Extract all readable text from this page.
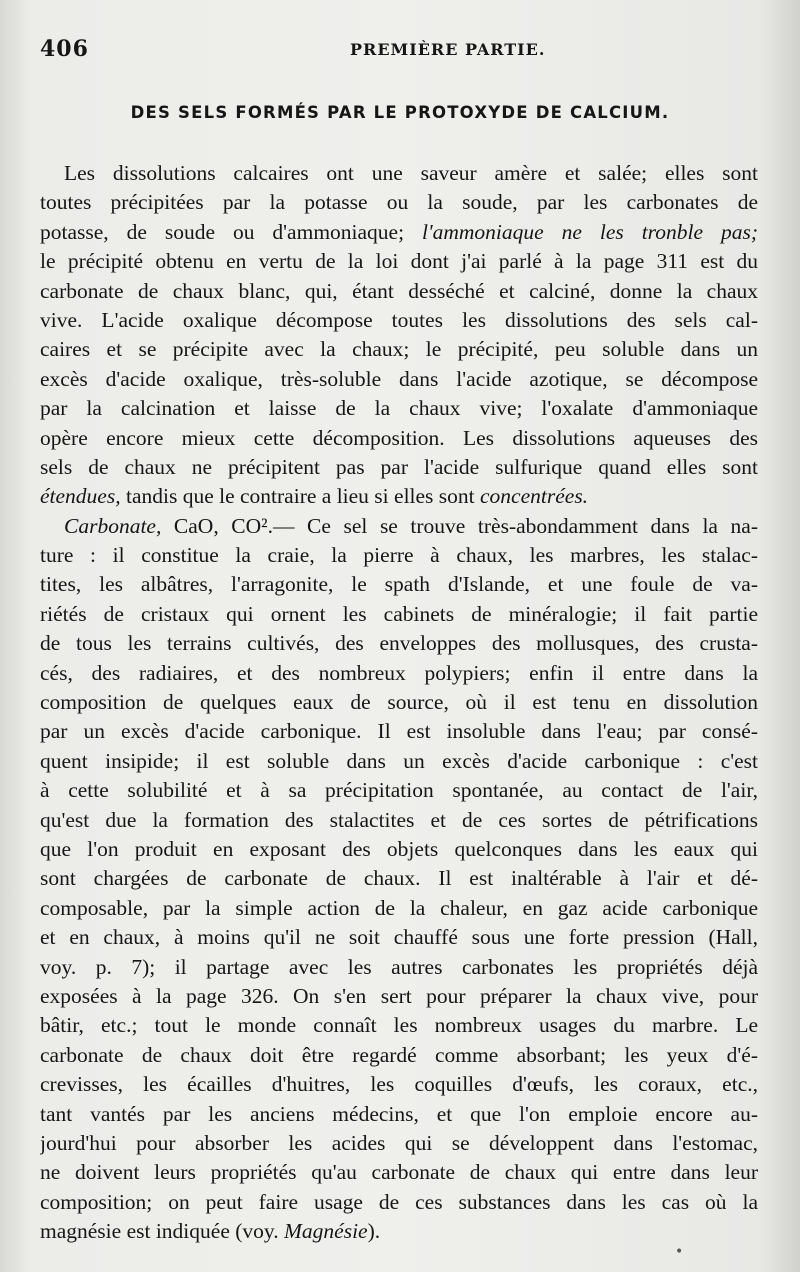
406	PREMIÈRE PARTIE.
DES SELS FORMÉS PAR LE PROTOXYDE DE CALCIUM.
Les dissolutions calcaires ont une saveur amère et salée; elles sont
toutes précipitées par la potasse ou la soude, par les carbonates de
potasse, de soude ou d'ammoniaque; l'ammoniaque ne les tronble pas;
le précipité obtenu en vertu de la loi dont j'ai parlé à la page 311 est du
carbonate de chaux blanc, qui, étant desséché et calciné, donne la chaux
vive. L'acide oxalique décompose toutes les dissolutions des sels cal-
caires et se précipite avec la chaux; le précipité, peu soluble dans un
excès d'acide oxalique, très-soluble dans l'acide azotique, se décompose
par la calcination et laisse de la chaux vive; l'oxalate d'ammoniaque
opère encore mieux cette décomposition. Les dissolutions aqueuses des
sels de chaux ne précipitent pas par l'acide sulfurique quand elles sont
étendues, tandis que le contraire a lieu si elles sont concentrées.
Carbonate, CaO, CO².— Ce sel se trouve très-abondamment dans la na-
ture : il constitue la craie, la pierre à chaux, les marbres, les stalac-
tites, les albâtres, l'arragonite, le spath d'Islande, et une foule de va-
riétés de cristaux qui ornent les cabinets de minéralogie; il fait partie
de tous les terrains cultivés, des enveloppes des mollusques, des crusta-
cés, des radiaires, et des nombreux polypiers; enfin il entre dans la
composition de quelques eaux de source, où il est tenu en dissolution
par un excès d'acide carbonique. Il est insoluble dans l'eau; par consé-
quent insipide; il est soluble dans un excès d'acide carbonique : c'est
à cette solubilité et à sa précipitation spontanée, au contact de l'air,
qu'est due la formation des stalactites et de ces sortes de pétrifications
que l'on produit en exposant des objets quelconques dans les eaux qui
sont chargées de carbonate de chaux. Il est inaltérable à l'air et dé-
composable, par la simple action de la chaleur, en gaz acide carbonique
et en chaux, à moins qu'il ne soit chauffé sous une forte pression (Hall,
voy. p. 7); il partage avec les autres carbonates les propriétés déjà
exposées à la page 326. On s'en sert pour préparer la chaux vive, pour
bâtir, etc.; tout le monde connaît les nombreux usages du marbre. Le
carbonate de chaux doit être regardé comme absorbant; les yeux d'é-
crevisses, les écailles d'huitres, les coquilles d'œufs, les coraux, etc.,
tant vantés par les anciens médecins, et que l'on emploie encore au-
jourd'hui pour absorber les acides qui se développent dans l'estomac,
ne doivent leurs propriétés qu'au carbonate de chaux qui entre dans leur
composition; on peut faire usage de ces substances dans les cas où la
magnésie est indiquée (voy. Magnésie).
•
